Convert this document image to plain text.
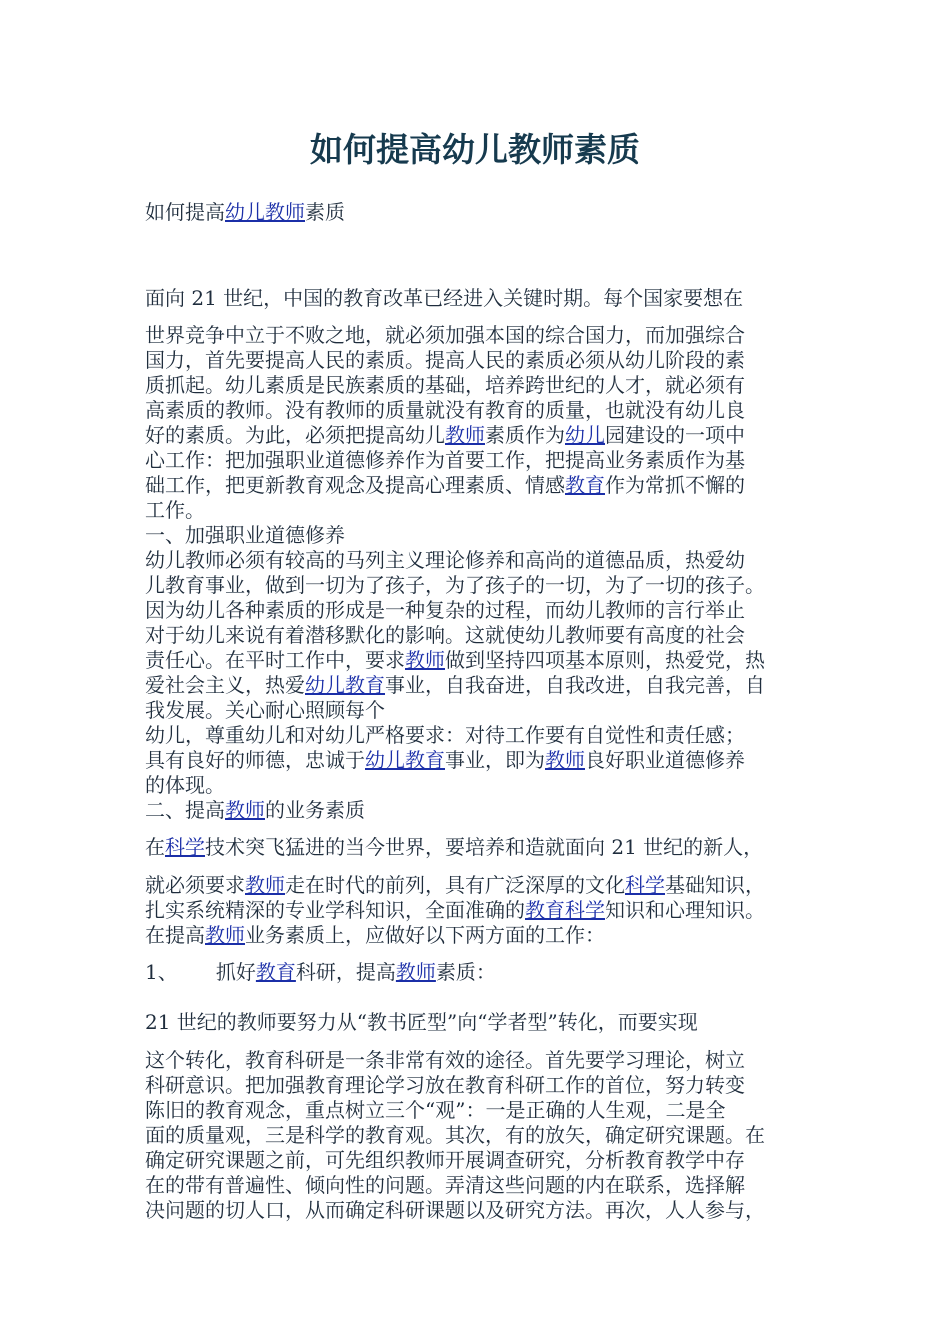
如何提高幼儿教师素质

如何提高幼儿教师素质

面向 21 世纪，中国的教育改革已经进入关键时期。每个国家要想在

世界竞争中立于不败之地，就必须加强本国的综合国力，而加强综合

国力，首先要提高人民的素质。提高人民的素质必须从幼儿阶段的素

质抓起。幼儿素质是民族素质的基础，培养跨世纪的人才，就必须有

高素质的教师。没有教师的质量就没有教育的质量，也就没有幼儿良

好的素质。为此，必须把提高幼儿教师素质作为幼儿园建设的一项中

心工作：把加强职业道德修养作为首要工作，把提高业务素质作为基

础工作，把更新教育观念及提高心理素质、情感教育作为常抓不懈的

工作。

一、加强职业道德修养

幼儿教师必须有较高的马列主义理论修养和高尚的道德品质，热爱幼

儿教育事业，做到一切为了孩子，为了孩子的一切，为了一切的孩子。

因为幼儿各种素质的形成是一种复杂的过程，而幼儿教师的言行举止

对于幼儿来说有着潜移默化的影响。这就使幼儿教师要有高度的社会

责任心。在平时工作中，要求教师做到坚持四项基本原则，热爱党，热

爱社会主义，热爱幼儿教育事业，自我奋进，自我改进，自我完善，自

我发展。关心耐心照顾每个

幼儿，尊重幼儿和对幼儿严格要求：对待工作要有自觉性和责任感；

具有良好的师德，忠诚于幼儿教育事业，即为教师良好职业道德修养

的体现。

二、提高教师的业务素质

在科学技术突飞猛进的当今世界，要培养和造就面向 21 世纪的新人，

就必须要求教师走在时代的前列，具有广泛深厚的文化科学基础知识，

扎实系统精深的专业学科知识，全面准确的教育科学知识和心理知识。

在提高教师业务素质上，应做好以下两方面的工作：

1、      抓好教育科研，提高教师素质：

21 世纪的教师要努力从“教书匠型”向“学者型”转化，而要实现

这个转化，教育科研是一条非常有效的途径。首先要学习理论，树立

科研意识。把加强教育理论学习放在教育科研工作的首位，努力转变

陈旧的教育观念，重点树立三个“观”：一是正确的人生观，二是全

面的质量观，三是科学的教育观。其次，有的放矢，确定研究课题。在

确定研究课题之前，可先组织教师开展调查研究，分析教育教学中存

在的带有普遍性、倾向性的问题。弄清这些问题的内在联系，选择解

决问题的切人口，从而确定科研课题以及研究方法。再次，人人参与，
